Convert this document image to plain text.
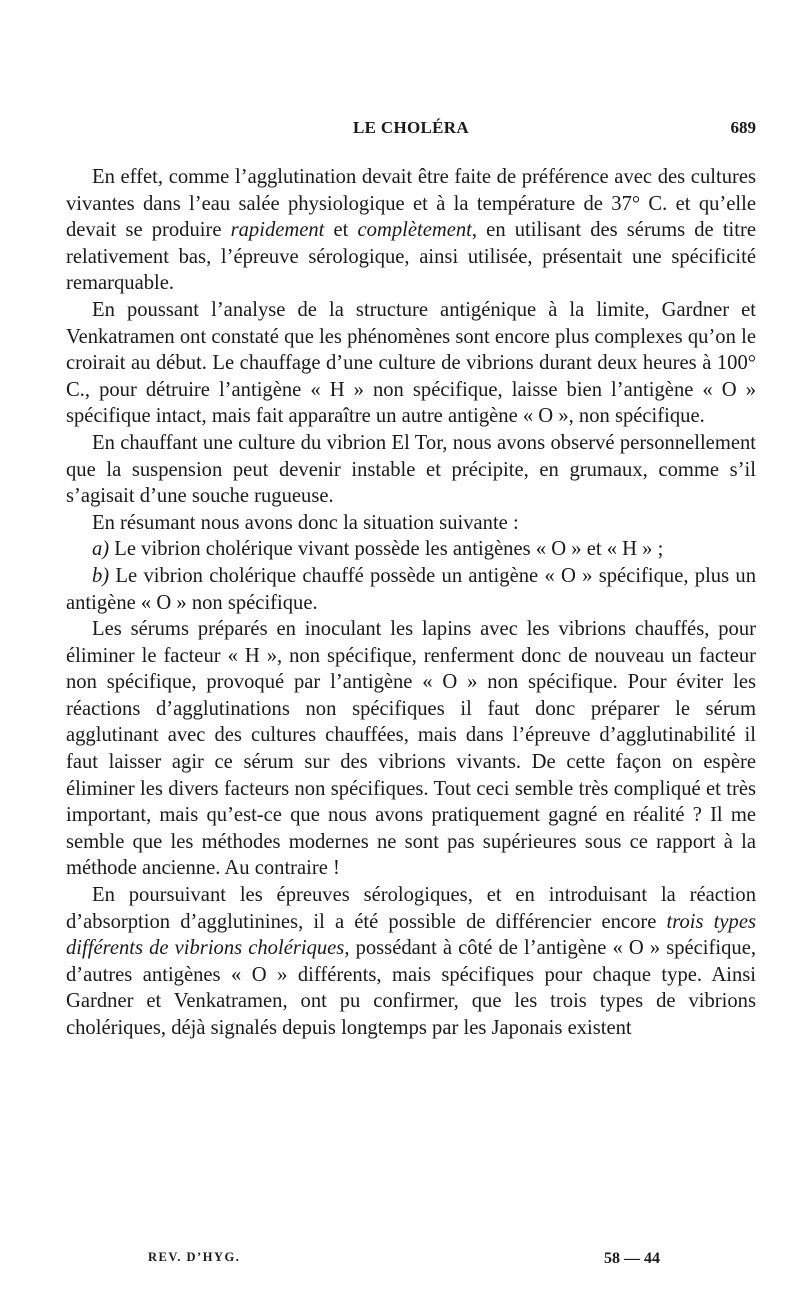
LE CHOLÉRA	689

En effet, comme l’agglutination devait être faite de préférence avec des cultures vivantes dans l’eau salée physiologique et à la température de 37° C. et qu’elle devait se produire rapidement et complètement, en utilisant des sérums de titre relativement bas, l’épreuve sérologique, ainsi utilisée, présentait une spécificité remarquable.

En poussant l’analyse de la structure antigénique à la limite, Gardner et Venkatramen ont constaté que les phénomènes sont encore plus complexes qu’on le croirait au début. Le chauffage d’une culture de vibrions durant deux heures à 100° C., pour détruire l’antigène « H » non spécifique, laisse bien l’antigène « O » spécifique intact, mais fait apparaître un autre antigène « O », non spécifique.

En chauffant une culture du vibrion El Tor, nous avons observé personnellement que la suspension peut devenir instable et précipite, en grumaux, comme s’il s’agisait d’une souche rugueuse.

En résumant nous avons donc la situation suivante :

a) Le vibrion cholérique vivant possède les antigènes « O » et « H » ;

b) Le vibrion cholérique chauffé possède un antigène « O » spécifique, plus un antigène « O » non spécifique.

Les sérums préparés en inoculant les lapins avec les vibrions chauffés, pour éliminer le facteur « H », non spécifique, renferment donc de nouveau un facteur non spécifique, provoqué par l’antigène « O » non spécifique. Pour éviter les réactions d’agglutinations non spécifiques il faut donc préparer le sérum agglutinant avec des cultures chauffées, mais dans l’épreuve d’agglutinabilité il faut laisser agir ce sérum sur des vibrions vivants. De cette façon on espère éliminer les divers facteurs non spécifiques. Tout ceci semble très compliqué et très important, mais qu’est-ce que nous avons pratiquement gagné en réalité ? Il me semble que les méthodes modernes ne sont pas supérieures sous ce rapport à la méthode ancienne. Au contraire !

En poursuivant les épreuves sérologiques, et en introduisant la réaction d’absorption d’agglutinines, il a été possible de différencier encore trois types différents de vibrions cholériques, possédant à côté de l’antigène « O » spécifique, d’autres antigènes « O » différents, mais spécifiques pour chaque type. Ainsi Gardner et Venkatramen, ont pu confirmer, que les trois types de vibrions cholériques, déjà signalés depuis longtemps par les Japonais existent

REV. D’HYG.	58 — 44
